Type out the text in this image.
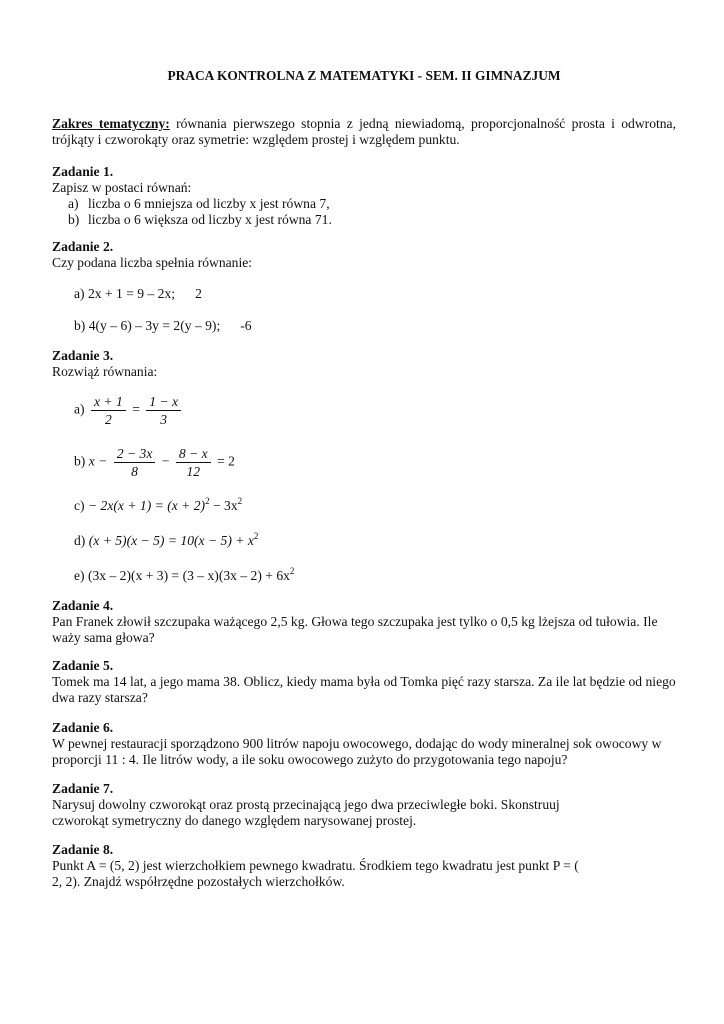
PRACA KONTROLNA Z MATEMATYKI - SEM. II GIMNAZJUM
Zakres tematyczny: równania pierwszego stopnia z jedną niewiadomą, proporcjonalność prosta i odwrotna, trójkąty i czworokąty oraz symetrie: względem prostej i względem punktu.
Zadanie 1.
Zapisz w postaci równań:
a) liczba o 6 mniejsza od liczby x jest równa 7,
b) liczba o 6 większa od liczby x jest równa 71.
Zadanie 2.
Czy podana liczba spełnia równanie:
a) 2x + 1 = 9 – 2x; 2
b) 4(y – 6) – 3y = 2(y – 9); -6
Zadanie 3.
Rozwiąż równania:
$a) \frac{x + 1}{2} = \frac{1 - x}{3}$
b) $x - \frac{2 - 3x}{8} - \frac{8 - x}{12} = 2$
$c) - 2x(x + 1) = (x + 2)^2 - 3x^2$
d) $(x + 5)(x - 5) = 10(x - 5) + x^2$
e) $(3x - 2)(x + 3) = (3 - x)(3x - 2) + 6x^2$
Zadanie 4.
Pan Franek złowił szczupaka ważącego 2,5 kg. Głowa tego szczupaka jest tylko o 0,5 kg lżejsza od tułowia. Ile waży sama głowa?
Zadanie 5.
Tomek ma 14 lat, a jego mama 38. Oblicz, kiedy mama była od Tomka pięć razy starsza. Za ile lat będzie od niego dwa razy starsza?
Zadanie 6.
W pewnej restauracji sporządzono 900 litrów napoju owocowego, dodając do wody mineralnej sok owocowy w proporcji 11 : 4. Ile litrów wody, a ile soku owocowego zużyto do przygotowania tego napoju?
Zadanie 7.
Narysuj dowolny czworokąt oraz prostą przecinającą jego dwa przeciwległe boki. Skonstruuj
czworokąt symetryczny do danego względem narysowanej prostej.
Zadanie 8.
Punkt A = (5, 2) jest wierzchołkiem pewnego kwadratu. Środkiem tego kwadratu jest punkt P = (
2, 2). Znajdź współrzędne pozostałych wierzchołków.
